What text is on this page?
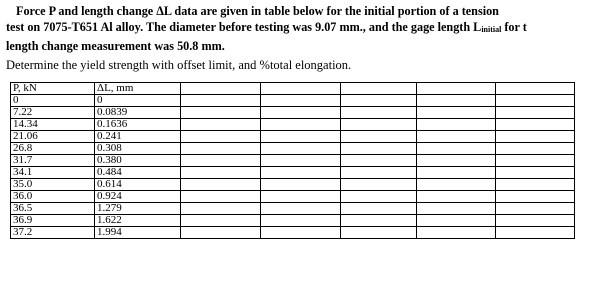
Force P and length change ΔL data are given in table below for the initial portion of a tension
test on 7075-T651 Al alloy. The diameter before testing was 9.07 mm., and the gage length $L_{initial}$ for t
length change measurement was 50.8 mm.
Determine the yield strength with offset limit, and %total elongation.
P, kN	ΔL, mm					
0	0					
7.22	0.0839					
14.34	0.1636					
21.06	0.241					
26.8	0.308					
31.7	0.380					
34.1	0.484					
35.0	0.614					
36.0	0.924					
36.5	1.279					
36.9	1.622					
37.2	1.994					
